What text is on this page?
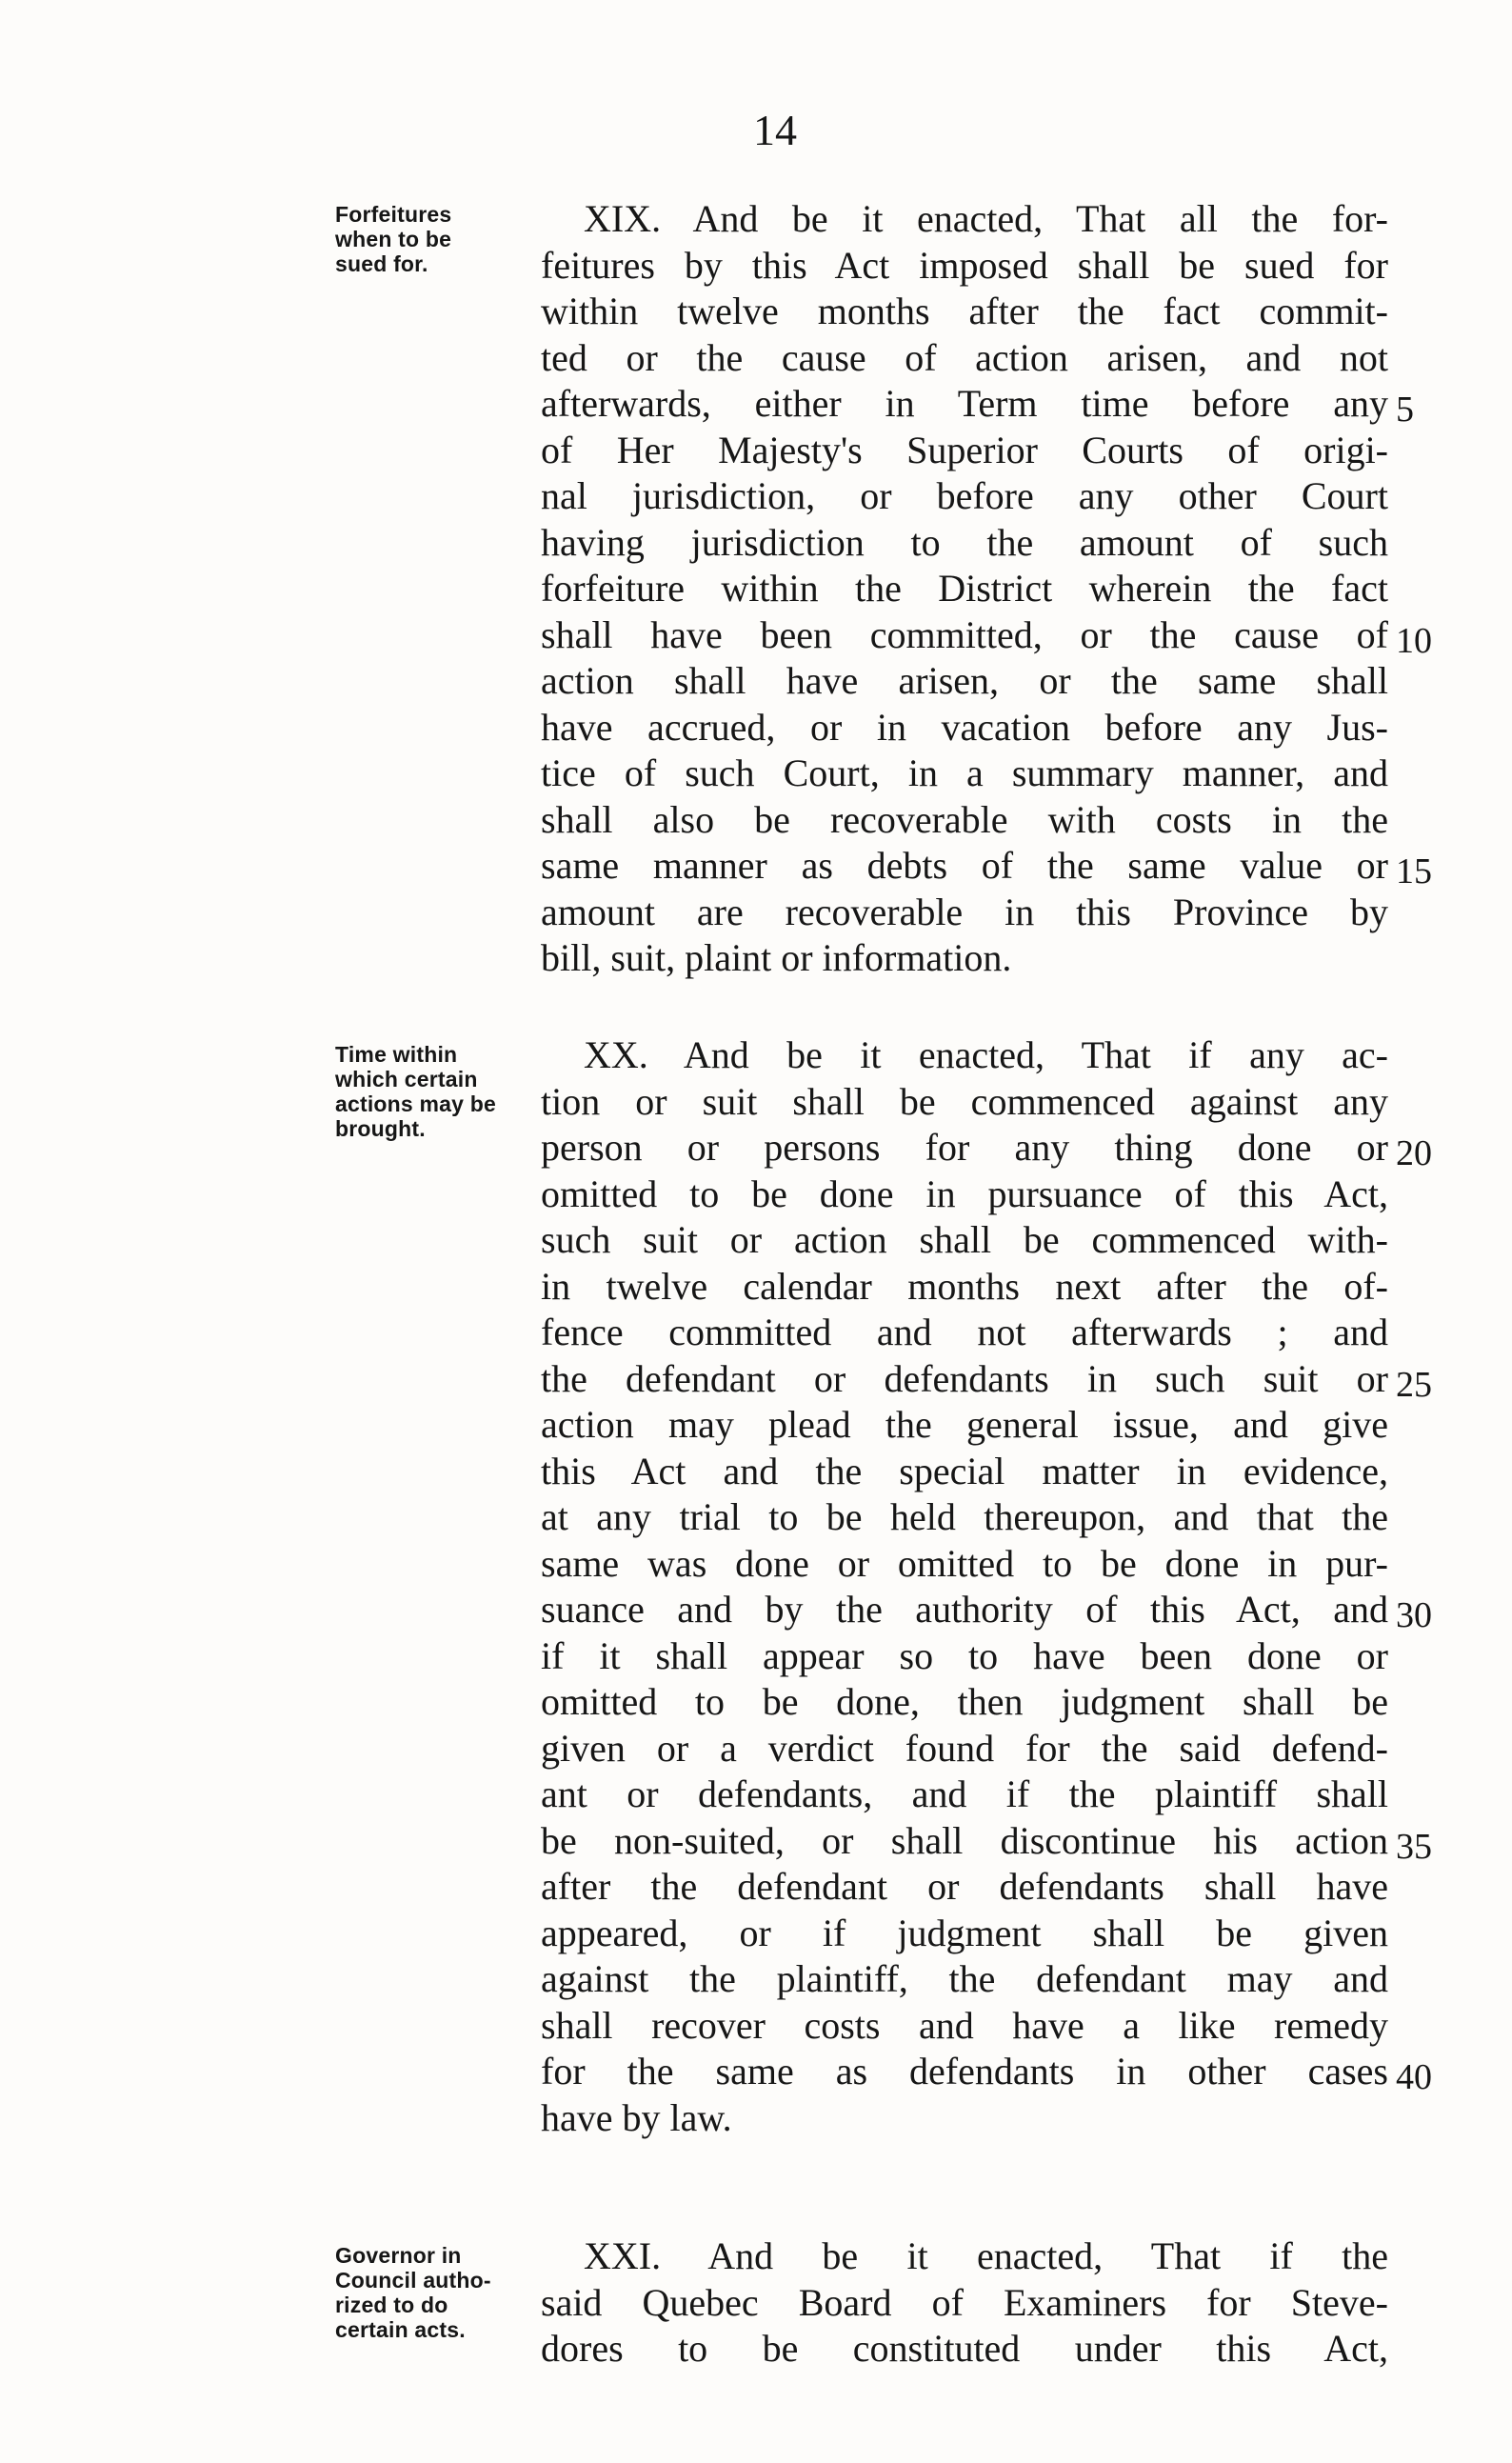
14
Forfeitures
when to be
sued for.
XIX. And be it enacted, That all the for-
feitures by this Act imposed shall be sued for
within twelve months after the fact commit-
ted or the cause of action arisen, and not
afterwards, either in Term time before any 5
of Her Majesty's Superior Courts of origi-
nal jurisdiction, or before any other Court
having jurisdiction to the amount of such
forfeiture within the District wherein the fact
shall have been committed, or the cause of 10
action shall have arisen, or the same shall
have accrued, or in vacation before any Jus-
tice of such Court, in a summary manner, and
shall also be recoverable with costs in the
same manner as debts of the same value or 15
amount are recoverable in this Province by
bill, suit, plaint or information.
Time within
which certain
actions may be
brought.
XX. And be it enacted, That if any ac-
tion or suit shall be commenced against any
person or persons for any thing done or 20
omitted to be done in pursuance of this Act,
such suit or action shall be commenced with-
in twelve calendar months next after the of-
fence committed and not afterwards ; and
the defendant or defendants in such suit or 25
action may plead the general issue, and give
this Act and the special matter in evidence,
at any trial to be held thereupon, and that the
same was done or omitted to be done in pur-
suance and by the authority of this Act, and 30
if it shall appear so to have been done or
omitted to be done, then judgment shall be
given or a verdict found for the said defend-
ant or defendants, and if the plaintiff shall
be non-suited, or shall discontinue his action 35
after the defendant or defendants shall have
appeared, or if judgment shall be given
against the plaintiff, the defendant may and
shall recover costs and have a like remedy
for the same as defendants in other cases 40
have by law.
Governor in
Council autho-
rized to do
certain acts.
XXI. And be it enacted, That if the
said Quebec Board of Examiners for Steve-
dores to be constituted under this Act,
